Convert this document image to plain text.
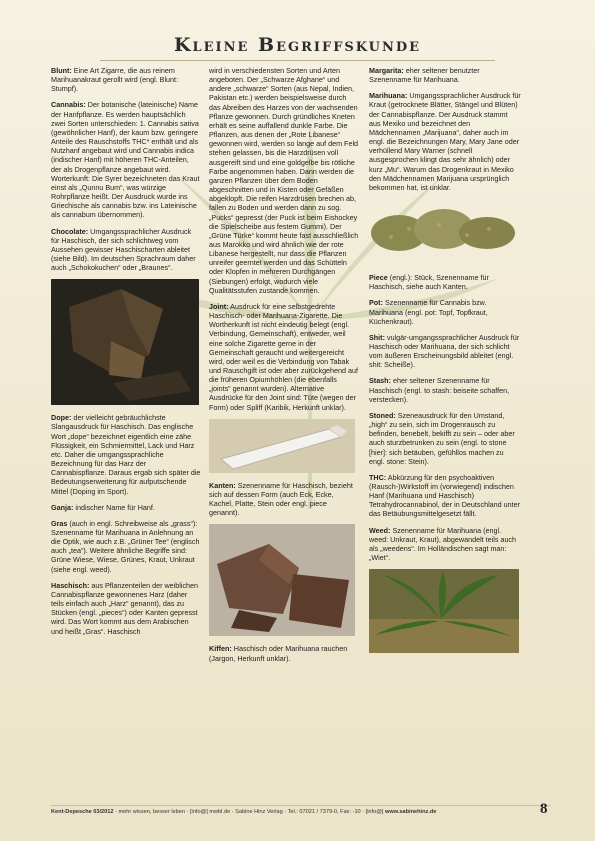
Kleine Begriffskunde

Blunt: Eine Art Zigarre, die aus reinem Marihuanakraut gerollt wird (engl. Blunt: Stumpf).

Cannabis: Der botanische (lateinische) Name der Hanfpflanze. Es werden hauptsächlich zwei Sorten unterschieden: 1. Cannabis sativa (gewöhnlicher Hanf), der kaum bzw. geringere Anteile des Rauschstoffs THC* enthält und als Nutzhanf angebaut wird und Cannabis indica (indischer Hanf) mit höheren THC-Anteilen, der als Drogenpflanze angebaut wird. Worterkunft: Die Syrer bezeichneten das Kraut einst als „Qunnu Bum“, was würzige Rohrpflanze heißt. Der Ausdruck wurde ins Griechische als cannabis bzw. ins Lateinische als cannabum übernommen).

Chocolate: Umgangssprachlicher Ausdruck für Haschisch, der sich schlichtweg vom Aussehen gewisser Haschischarten ableitet (siehe Bild). Im deutschen Sprachraum daher auch „Schokokuchen“ oder „Braunes“.

Dope: der vielleicht gebräuchlichste Slangausdruck für Haschisch. Das englische Wort „dope“ bezeichnet eigentlich eine zähe Flüssigkeit, ein Schmiermittel, Lack und Harz etc. Daher die umgangssprachliche Bezeichnung für das Harz der Cannabispflanze. Daraus ergab sich später die Bedeutungserweiterung für aufputschende Mittel (Doping im Sport).

Ganja: indischer Name für Hanf.

Gras (auch in engl. Schreibweise als „grass“): Szenenname für Marihuana in Anlehnung an die Optik, wie auch z.B. „Grüner Tee“ (englisch auch „tea“). Weitere ähnliche Begriffe sind: Grüne Wiese, Wiese, Grünes, Kraut, Unkraut (siehe engl. weed).

Haschisch: aus Pflanzenteilen der weiblichen Cannabispflanze gewonnenes Harz (daher teils einfach auch „Harz“ genannt), das zu Stücken (engl. „pieces“) oder Kanten gepresst wird. Das Wort kommt aus dem Arabischen und heißt „Gras“. Haschisch

wird in verschiedensten Sorten und Arten angeboten. Der „Schwarze Afghane“ und andere „schwarze“ Sorten (aus Nepal, Indien, Pakistan etc.) werden beispielsweise durch das Abreiben des Harzes von der wachsenden Pflanze gewonnen. Durch gründliches Kneten erhält es seine auffallend dunkle Farbe. Die Pflanzen, aus denen der „Rote Libanese“ gewonnen wird, werden so lange auf dem Feld stehen gelassen, bis die Harzdrüsen voll ausgereift sind und eine goldgelbe bis rötliche Farbe angenommen haben. Dann werden die ganzen Pflanzen über dem Boden abgeschnitten und in Kisten oder Gefäßen abgeklopft. Die reifen Harzdrüsen brechen ab, fallen zu Boden und werden dann zu sog. „Pucks“ gepresst (der Puck ist beim Eishockey die Spielscheibe aus festem Gummi). Der „Grüne Türke“ kommt heute fast ausschließlich aus Marokko und wird ähnlich wie der rote Libanese hergestellt, nur dass die Pflanzen unreifer geerntet werden und das Schütteln oder Klopfen in mehreren Durchgängen (Siebungen) erfolgt, wodurch viele Qualitätsstufen zustande kommen.

Joint: Ausdruck für eine selbstgedrehte Haschisch- oder Marihuana-Zigarette. Die Wortherkunft ist nicht eindeutig belegt (engl. Verbindung, Gemeinschaft), entweder, weil eine solche Zigarette gerne in der Gemeinschaft geraucht und weitergereicht wird, oder weil es die Verbindung von Tabak und Rauschgift ist oder aber zurückgehend auf die früheren Opiumhöhlen (die ebenfalls „joints“ genannt wurden). Alternative Ausdrücke für den Joint sind: Tüte (wegen der Form) oder Spliff (Karibik, Herkunft unklar).

Kanten: Szenenname für Haschisch, bezieht sich auf dessen Form (auch Eck, Ecke, Kachel, Platte, Stein oder engl. piece genannt).

Kiffen: Haschisch oder Marihuana rauchen (Jargon, Herkunft unklar).

Margarita: eher seltener benutzter Szenenname für Marihuana.

Marihuana: Umgangssprachlicher Ausdruck für Kraut (getrocknete Blätter, Stängel und Blüten) der Cannabispflanze. Der Ausdruck stammt aus Mexiko und bezeichnet den Mädchennamen „Marijuana“, daher auch im engl. die Bezeichnungen Mary, Mary Jane oder verhüllend Mary Warner (schnell ausgesprochen klingt das sehr ähnlich) oder kurz „Mu“. Warum das Drogenkraut in Mexiko den Mädchennamen Marijuana ursprünglich bekommen hat, ist unklar.

Piece (engl.): Stück, Szenenname für Haschisch, siehe auch Kanten.

Pot: Szenenname für Cannabis bzw. Marihuana (engl. pot: Topf, Topfkraut, Küchenkraut).

Shit: vulgär-umgangssprachlicher Ausdruck für Haschisch oder Marihuana, der sich schlicht vom äußeren Erscheinungsbild ableitet (engl. shit: Scheiße).

Stash: eher seltener Szenenname für Haschisch (engl. to stash: beiseite schaffen, verstecken).

Stoned: Szeneausdruck für den Umstand, „high“ zu sein, sich im Drogenrausch zu befinden, benebelt, bekifft zu sein – oder aber auch sturzbetrunken zu sein (engl. to stone [hier]: sich betäuben, gefühllos machen zu engl. stone: Stein).

THC: Abkürzung für den psychoaktiven (Rausch-)Wirkstoff im (vorwiegend) indischen Hanf (Marihuana und Haschisch) Tetrahydrocannabinol, der in Deutschland unter das Betäubungsmittelgesetzt fällt.

Weed: Szenenname für Marihuana (engl. weed: Unkraut, Kraut), abgewandelt teils auch als „weedens“. Im Holländischen sagt man: „Wiet“.

Kent-Depesche 03/2012 · mehr wissen, besser leben · [info@] mwbl.de · Sabine Hinz Verlag · Tel.: 07021 / 7379-0, Fax: -10 · [info@] www.sabinehinz.de	8
